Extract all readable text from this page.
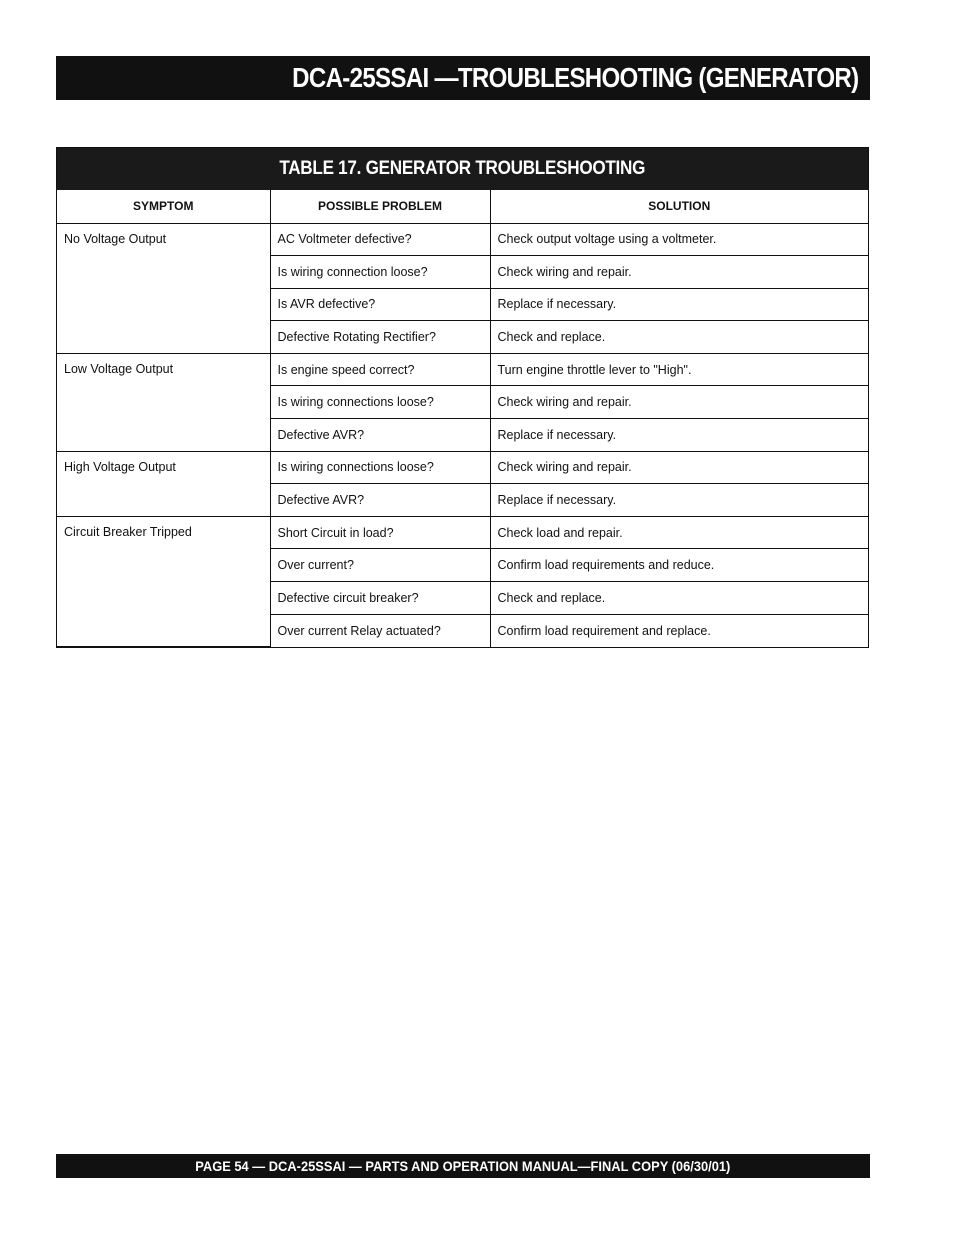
DCA-25SSAI —TROUBLESHOOTING (GENERATOR)
TABLE 17. GENERATOR TROUBLESHOOTING
SYMPTOM	POSSIBLE PROBLEM	SOLUTION
No Voltage Output	AC Voltmeter defective?	Check output voltage using a voltmeter.
	Is wiring connection loose?	Check wiring and repair.
	Is AVR defective?	Replace if necessary.
	Defective Rotating Rectifier?	Check and replace.
Low Voltage Output	Is engine speed correct?	Turn engine throttle lever to "High".
	Is wiring connections loose?	Check wiring and repair.
	Defective AVR?	Replace if necessary.
High Voltage Output	Is wiring connections loose?	Check wiring and repair.
	Defective AVR?	Replace if necessary.
Circuit Breaker Tripped	Short Circuit in load?	Check load and repair.
	Over current?	Confirm load requirements and reduce.
	Defective circuit breaker?	Check and replace.
	Over current Relay actuated?	Confirm load requirement and replace.
PAGE 54 — DCA-25SSAI — PARTS AND OPERATION MANUAL—FINAL COPY (06/30/01)
